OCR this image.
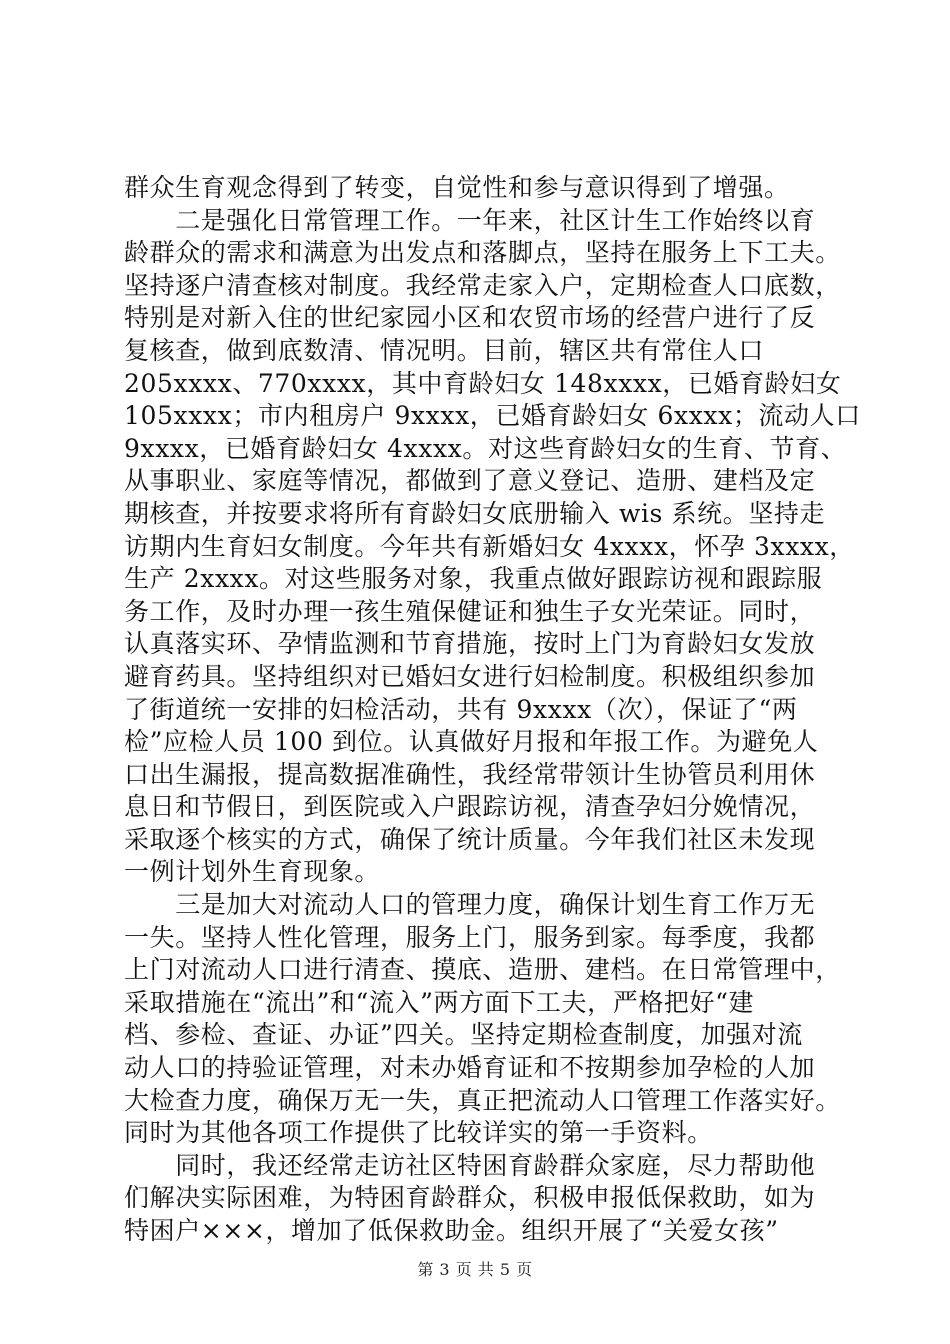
群众生育观念得到了转变，自觉性和参与意识得到了增强。
　　二是强化日常管理工作。一年来，社区计生工作始终以育
龄群众的需求和满意为出发点和落脚点，坚持在服务上下工夫。
坚持逐户清查核对制度。我经常走家入户，定期检查人口底数，
特别是对新入住的世纪家园小区和农贸市场的经营户进行了反
复核查，做到底数清、情况明。目前，辖区共有常住人口
205xxxx、770xxxx，其中育龄妇女 148xxxx，已婚育龄妇女
105xxxx；市内租房户 9xxxx，已婚育龄妇女 6xxxx；流动人口
9xxxx，已婚育龄妇女 4xxxx。对这些育龄妇女的生育、节育、
从事职业、家庭等情况，都做到了意义登记、造册、建档及定
期核查，并按要求将所有育龄妇女底册输入 wis 系统。坚持走
访期内生育妇女制度。今年共有新婚妇女 4xxxx，怀孕 3xxxx，
生产 2xxxx。对这些服务对象，我重点做好跟踪访视和跟踪服
务工作，及时办理一孩生殖保健证和独生子女光荣证。同时，
认真落实环、孕情监测和节育措施，按时上门为育龄妇女发放
避育药具。坚持组织对已婚妇女进行妇检制度。积极组织参加
了街道统一安排的妇检活动，共有 9xxxx（次），保证了“两
检”应检人员 100 到位。认真做好月报和年报工作。为避免人
口出生漏报，提高数据准确性，我经常带领计生协管员利用休
息日和节假日，到医院或入户跟踪访视，清查孕妇分娩情况，
采取逐个核实的方式，确保了统计质量。今年我们社区未发现
一例计划外生育现象。
　　三是加大对流动人口的管理力度，确保计划生育工作万无
一失。坚持人性化管理，服务上门，服务到家。每季度，我都
上门对流动人口进行清查、摸底、造册、建档。在日常管理中，
采取措施在“流出”和“流入”两方面下工夫，严格把好“建
档、参检、查证、办证”四关。坚持定期检查制度，加强对流
动人口的持验证管理，对未办婚育证和不按期参加孕检的人加
大检查力度，确保万无一失，真正把流动人口管理工作落实好。
同时为其他各项工作提供了比较详实的第一手资料。
　　同时，我还经常走访社区特困育龄群众家庭，尽力帮助他
们解决实际困难，为特困育龄群众，积极申报低保救助，如为
特困户×××，增加了低保救助金。组织开展了“关爱女孩”
第 3 页 共 5 页
